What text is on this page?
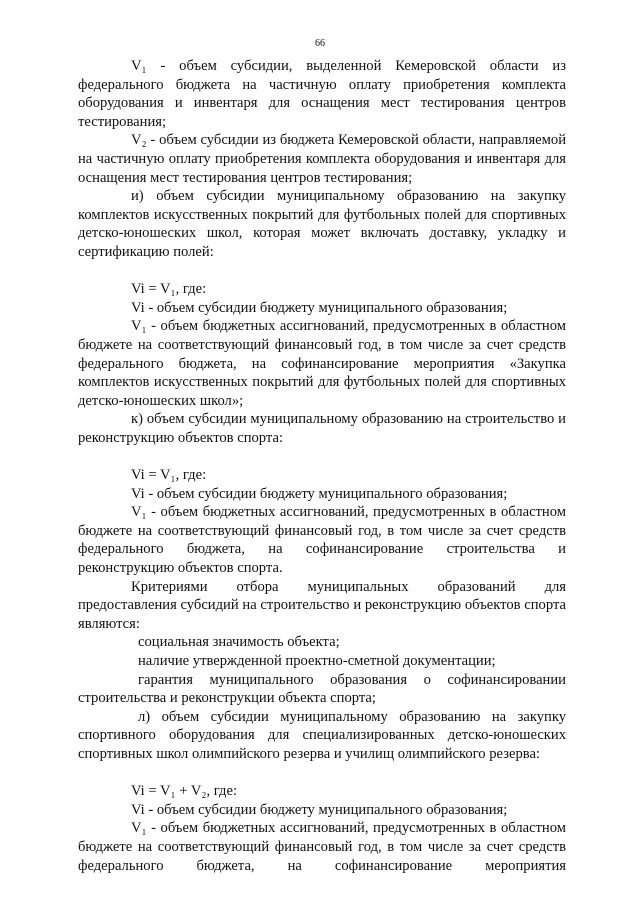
66

V₁ - объем субсидии, выделенной Кемеровской области из федерального бюджета на частичную оплату приобретения комплекта оборудования и инвентаря для оснащения мест тестирования центров тестирования;

V₂ - объем субсидии из бюджета Кемеровской области, направляемой на частичную оплату приобретения комплекта оборудования и инвентаря для оснащения мест тестирования центров тестирования;

и) объем субсидии муниципальному образованию на закупку комплектов искусственных покрытий для футбольных полей для спортивных детско-юношеских школ, которая может включать доставку, укладку и сертификацию полей:

Vi = V₁, где:

Vi - объем субсидии бюджету муниципального образования;

V₁ - объем бюджетных ассигнований, предусмотренных в областном бюджете на соответствующий финансовый год, в том числе за счет средств федерального бюджета, на софинансирование мероприятия «Закупка комплектов искусственных покрытий для футбольных полей для спортивных детско-юношеских школ»;

к) объем субсидии муниципальному образованию на строительство и реконструкцию объектов спорта:

Vi = V₁, где:

Vi - объем субсидии бюджету муниципального образования;

V₁ - объем бюджетных ассигнований, предусмотренных в областном бюджете на соответствующий финансовый год, в том числе за счет средств федерального бюджета, на софинансирование строительства и реконструкцию объектов спорта.

Критериями отбора муниципальных образований для предоставления субсидий на строительство и реконструкцию объектов спорта являются:

социальная значимость объекта;

наличие утвержденной проектно-сметной документации;

гарантия муниципального образования о софинансировании строительства и реконструкции объекта спорта;

л) объем субсидии муниципальному образованию на закупку спортивного оборудования для специализированных детско-юношеских спортивных школ олимпийского резерва и училищ олимпийского резерва:

Vi = V₁ + V₂, где:

Vi - объем субсидии бюджету муниципального образования;

V₁ - объем бюджетных ассигнований, предусмотренных в областном бюджете на соответствующий финансовый год, в том числе за счет средств федерального бюджета, на софинансирование мероприятия
